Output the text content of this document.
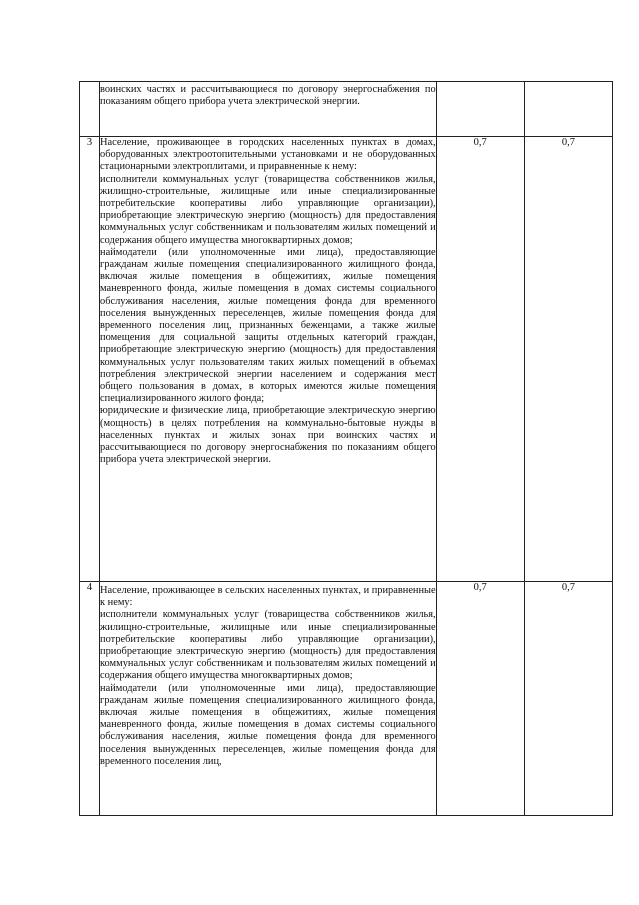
	воинских частях и рассчитывающиеся по договору энергоснабжения по показаниям общего прибора учета электрической энергии.		

3	Население, проживающее в городских населенных пунктах в домах, оборудованных электроотопительными установками и не оборудованных стационарными электроплитами, и приравненные к нему:
исполнители коммунальных услуг (товарищества собственников жилья, жилищно-строительные, жилищные или иные специализированные потребительские кооперативы либо управляющие организации), приобретающие электрическую энергию (мощность) для предоставления коммунальных услуг собственникам и пользователям жилых помещений и содержания общего имущества многоквартирных домов;
наймодатели (или уполномоченные ими лица), предоставляющие гражданам жилые помещения специализированного жилищного фонда, включая жилые помещения в общежитиях, жилые помещения маневренного фонда, жилые помещения в домах системы социального обслуживания населения, жилые помещения фонда для временного поселения вынужденных переселенцев, жилые помещения фонда для временного поселения лиц, признанных беженцами, а также жилые помещения для социальной защиты отдельных категорий граждан, приобретающие электрическую энергию (мощность) для предоставления коммунальных услуг пользователям таких жилых помещений в объемах потребления электрической энергии населением и содержания мест общего пользования в домах, в которых имеются жилые помещения специализированного жилого фонда;
юридические и физические лица, приобретающие электрическую энергию (мощность) в целях потребления на коммунально-бытовые нужды в населенных пунктах и жилых зонах при воинских частях и рассчитывающиеся по договору энергоснабжения по показаниям общего прибора учета электрической энергии.	0,7	0,7
4	Население, проживающее в сельских населенных пунктах, и приравненные к нему:
исполнители коммунальных услуг (товарищества собственников жилья, жилищно-строительные, жилищные или иные специализированные потребительские кооперативы либо управляющие организации), приобретающие электрическую энергию (мощность) для предоставления коммунальных услуг собственникам и пользователям жилых помещений и содержания общего имущества многоквартирных домов;
наймодатели (или уполномоченные ими лица), предоставляющие гражданам жилые помещения специализированного жилищного фонда, включая жилые помещения в общежитиях, жилые помещения маневренного фонда, жилые помещения в домах системы социального обслуживания населения, жилые помещения фонда для временного поселения вынужденных переселенцев, жилые помещения фонда для временного поселения лиц,	0,7	0,7
